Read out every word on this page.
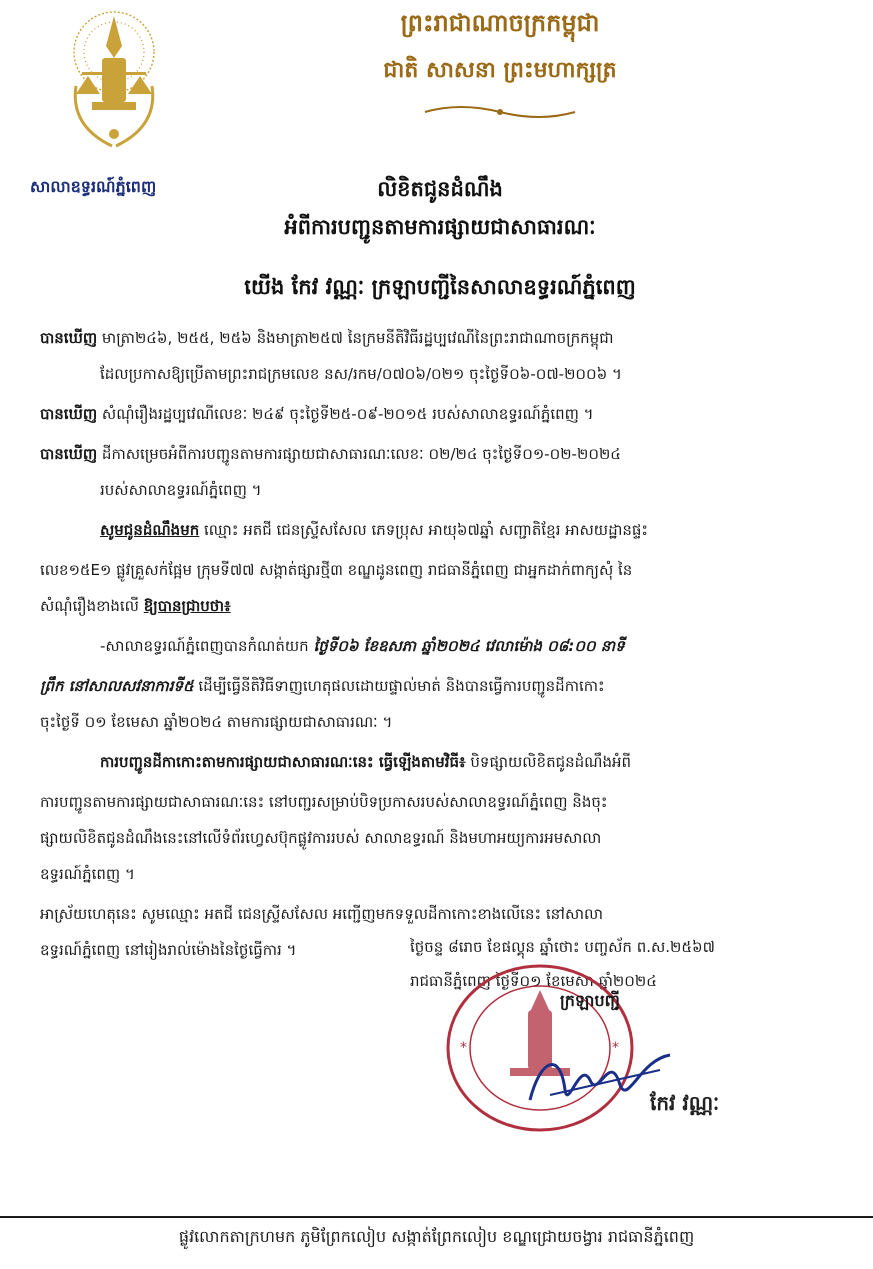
សាលាឧទ្ធរណ៍ភ្នំពេញ
ព្រះរាជាណាចក្រកម្ពុជា
ជាតិ សាសនា ព្រះមហាក្សត្រ
លិខិតជូនដំណឹង
អំពីការបញ្ជូនតាមការផ្សាយជាសាធារណៈ
យើង កែវ វណ្ណៈ ក្រឡាបញ្ជីនៃសាលាឧទ្ធរណ៍ភ្នំពេញ
បានឃើញ មាត្រា២៤៦, ២៥៥, ២៥៦ និងមាត្រា២៥៧ នៃក្រមនីតិវិធីរដ្ឋប្បវេណីនៃព្រះរាជាណាចក្រកម្ពុជា
ដែលប្រកាសឱ្យប្រើតាមព្រះរាជក្រមលេខ នស/រកម/០៧០៦/០២១ ចុះថ្ងៃទី០៦-០៧-២០០៦ ។
បានឃើញ សំណុំរឿងរដ្ឋប្បវេណីលេខៈ ២៤៩ ចុះថ្ងៃទី២៥-០៩-២០១៥ របស់សាលាឧទ្ធរណ៍ភ្នំពេញ ។
បានឃើញ ដីកាសម្រេចអំពីការបញ្ជូនតាមការផ្សាយជាសាធារណៈលេខៈ ០២/២៤ ចុះថ្ងៃទី០១-០២-២០២៤
របស់សាលាឧទ្ធរណ៍ភ្នំពេញ ។
សូមជូនដំណឹងមក ឈ្មោះ អតជី ជេនស្រ្ទីសសែល ភេទប្រុស អាយុ៦៧ឆ្នាំ សញ្ជាតិខ្មែរ អាសយដ្ឋានផ្ទះ
លេខ១៥E១ ផ្លូវគ្រួសក់ផ្អែម ក្រុមទី៧៧ សង្កាត់ផ្សារថ្មី៣ ខណ្ឌដូនពេញ រាជធានីភ្នំពេញ ជាអ្នកដាក់ពាក្យសុំ នៃ
សំណុំរឿងខាងលើ ឱ្យបានជ្រាបថា៖
-សាលាឧទ្ធរណ៍ភ្នំពេញបានកំណត់យក ថ្ងៃទី០៦ ខែឧសភា ឆ្នាំ២០២៤ វេលាម៉ោង ០៨:០០ នាទី
ព្រឹក នៅសាលសវនាការទី៥ ដើម្បីធ្វើនីតិវិធីទាញហេតុផលដោយផ្ទាល់មាត់ និងបានធ្វើការបញ្ជូនដីកាកោះ
ចុះថ្ងៃទី ០១ ខែមេសា ឆ្នាំ២០២៤ តាមការផ្សាយជាសាធារណៈ ។
ការបញ្ជូនដីកាកោះតាមការផ្សាយជាសាធារណៈនេះ ធ្វើឡើងតាមវិធី៖ បិទផ្សាយលិខិតជូនដំណឹងអំពី
ការបញ្ជូនតាមការផ្សាយជាសាធារណៈនេះ នៅបញ្ជរសម្រាប់បិទប្រកាសរបស់សាលាឧទ្ធរណ៍ភ្នំពេញ និងចុះ
ផ្សាយលិខិតជូនដំណឹងនេះនៅលើទំព័រហ្វេសប៊ុកផ្លូវការរបស់ សាលាឧទ្ធរណ៍ និងមហាអយ្យការអមសាលា
ឧទ្ធរណ៍ភ្នំពេញ ។
អាស្រ័យហេតុនេះ សូមឈ្មោះ អតជី ជេនស្រ្ទីសសែល អញ្ជើញមកទទួលដីកាកោះខាងលើនេះ នៅសាលា
ឧទ្ធរណ៍ភ្នំពេញ នៅរៀងរាល់ម៉ោងនៃថ្ងៃធ្វើការ ។	ថ្ងៃចន្ទ ៨រោច ខែផល្គុន ឆ្នាំថោះ បញ្ចស័ក ព.ស.២៥៦៧
រាជធានីភ្នំពេញ ថ្ងៃទី០១ ខែមេសា ឆ្នាំ២០២៤
*	*
ក្រឡាបញ្ជី
កែវ វណ្ណៈ
ផ្លូវលោកតាក្រហមក ភូមិព្រែកលៀប សង្កាត់ព្រែកលៀប ខណ្ឌជ្រោយចង្វារ រាជធានីភ្នំពេញ
